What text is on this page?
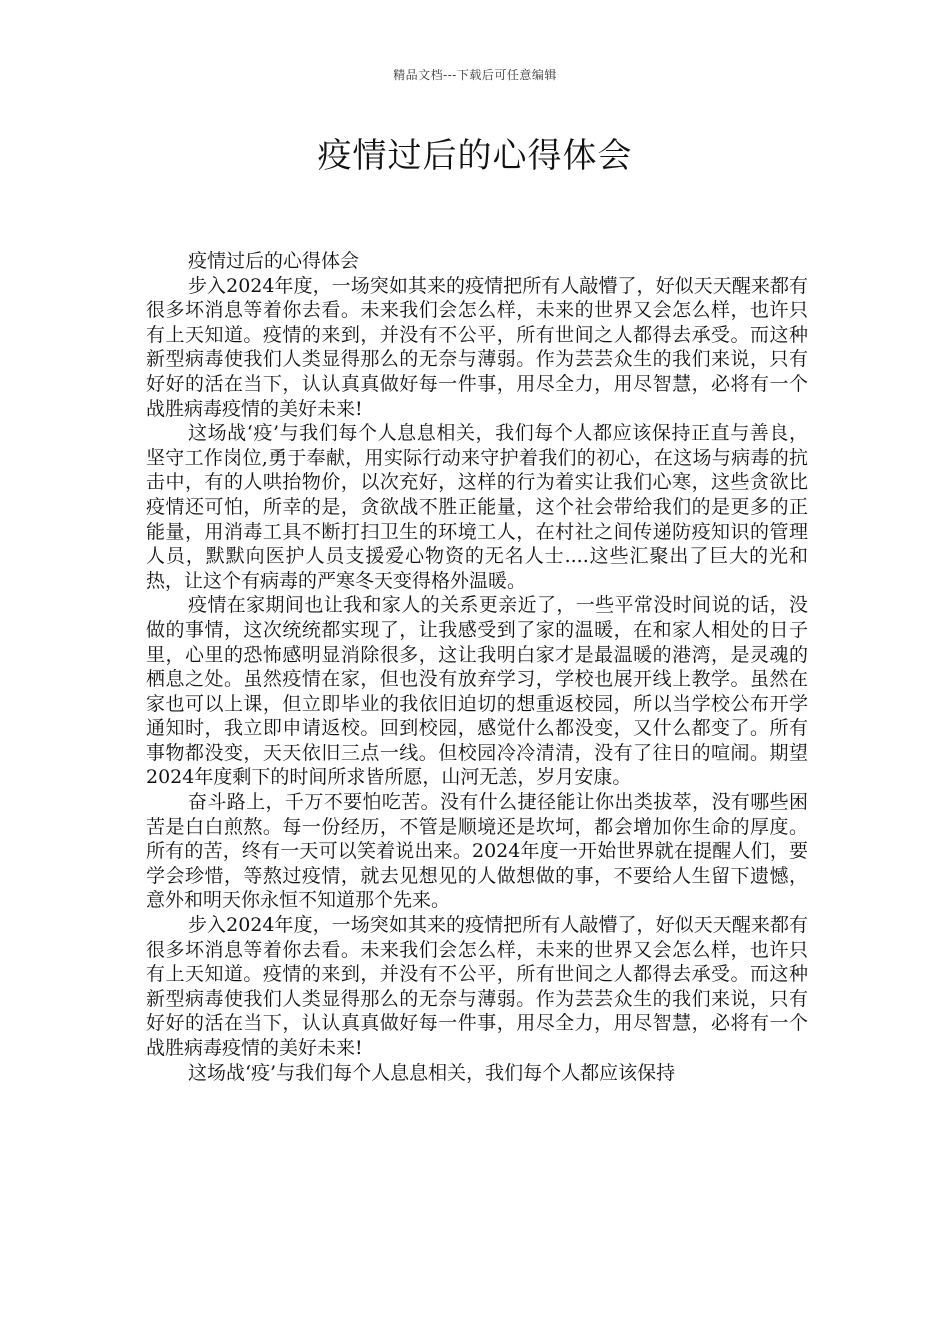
精品文档---下载后可任意编辑
疫情过后的心得体会

疫情过后的心得体会

步入2024年度，一场突如其来的疫情把所有人敲懵了，好似天天醒来都有很多坏消息等着你去看。未来我们会怎么样，未来的世界又会怎么样，也许只有上天知道。疫情的来到，并没有不公平，所有世间之人都得去承受。而这种新型病毒使我们人类显得那么的无奈与薄弱。作为芸芸众生的我们来说，只有好好的活在当下，认认真真做好每一件事，用尽全力，用尽智慧，必将有一个战胜病毒疫情的美好未来!

这场战‘疫’与我们每个人息息相关，我们每个人都应该保持正直与善良，坚守工作岗位,勇于奉献，用实际行动来守护着我们的初心，在这场与病毒的抗击中，有的人哄抬物价，以次充好，这样的行为着实让我们心寒，这些贪欲比疫情还可怕，所幸的是，贪欲战不胜正能量，这个社会带给我们的是更多的正能量，用消毒工具不断打扫卫生的环境工人，在村社之间传递防疫知识的管理人员，默默向医护人员支援爱心物资的无名人士....这些汇聚出了巨大的光和热，让这个有病毒的严寒冬天变得格外温暖。

疫情在家期间也让我和家人的关系更亲近了，一些平常没时间说的话，没做的事情，这次统统都实现了，让我感受到了家的温暖，在和家人相处的日子里，心里的恐怖感明显消除很多，这让我明白家才是最温暖的港湾，是灵魂的栖息之处。虽然疫情在家，但也没有放弃学习，学校也展开线上教学。虽然在家也可以上课，但立即毕业的我依旧迫切的想重返校园，所以当学校公布开学通知时，我立即申请返校。回到校园，感觉什么都没变，又什么都变了。所有事物都没变，天天依旧三点一线。但校园冷冷清清，没有了往日的喧闹。期望2024年度剩下的时间所求皆所愿，山河无恙，岁月安康。

奋斗路上，千万不要怕吃苦。没有什么捷径能让你出类拔萃，没有哪些困苦是白白煎熬。每一份经历，不管是顺境还是坎坷，都会增加你生命的厚度。所有的苦，终有一天可以笑着说出来。2024年度一开始世界就在提醒人们，要学会珍惜，等熬过疫情，就去见想见的人做想做的事，不要给人生留下遗憾，意外和明天你永恒不知道那个先来。

步入2024年度，一场突如其来的疫情把所有人敲懵了，好似天天醒来都有很多坏消息等着你去看。未来我们会怎么样，未来的世界又会怎么样，也许只有上天知道。疫情的来到，并没有不公平，所有世间之人都得去承受。而这种新型病毒使我们人类显得那么的无奈与薄弱。作为芸芸众生的我们来说，只有好好的活在当下，认认真真做好每一件事，用尽全力，用尽智慧，必将有一个战胜病毒疫情的美好未来!

这场战‘疫’与我们每个人息息相关，我们每个人都应该保持
